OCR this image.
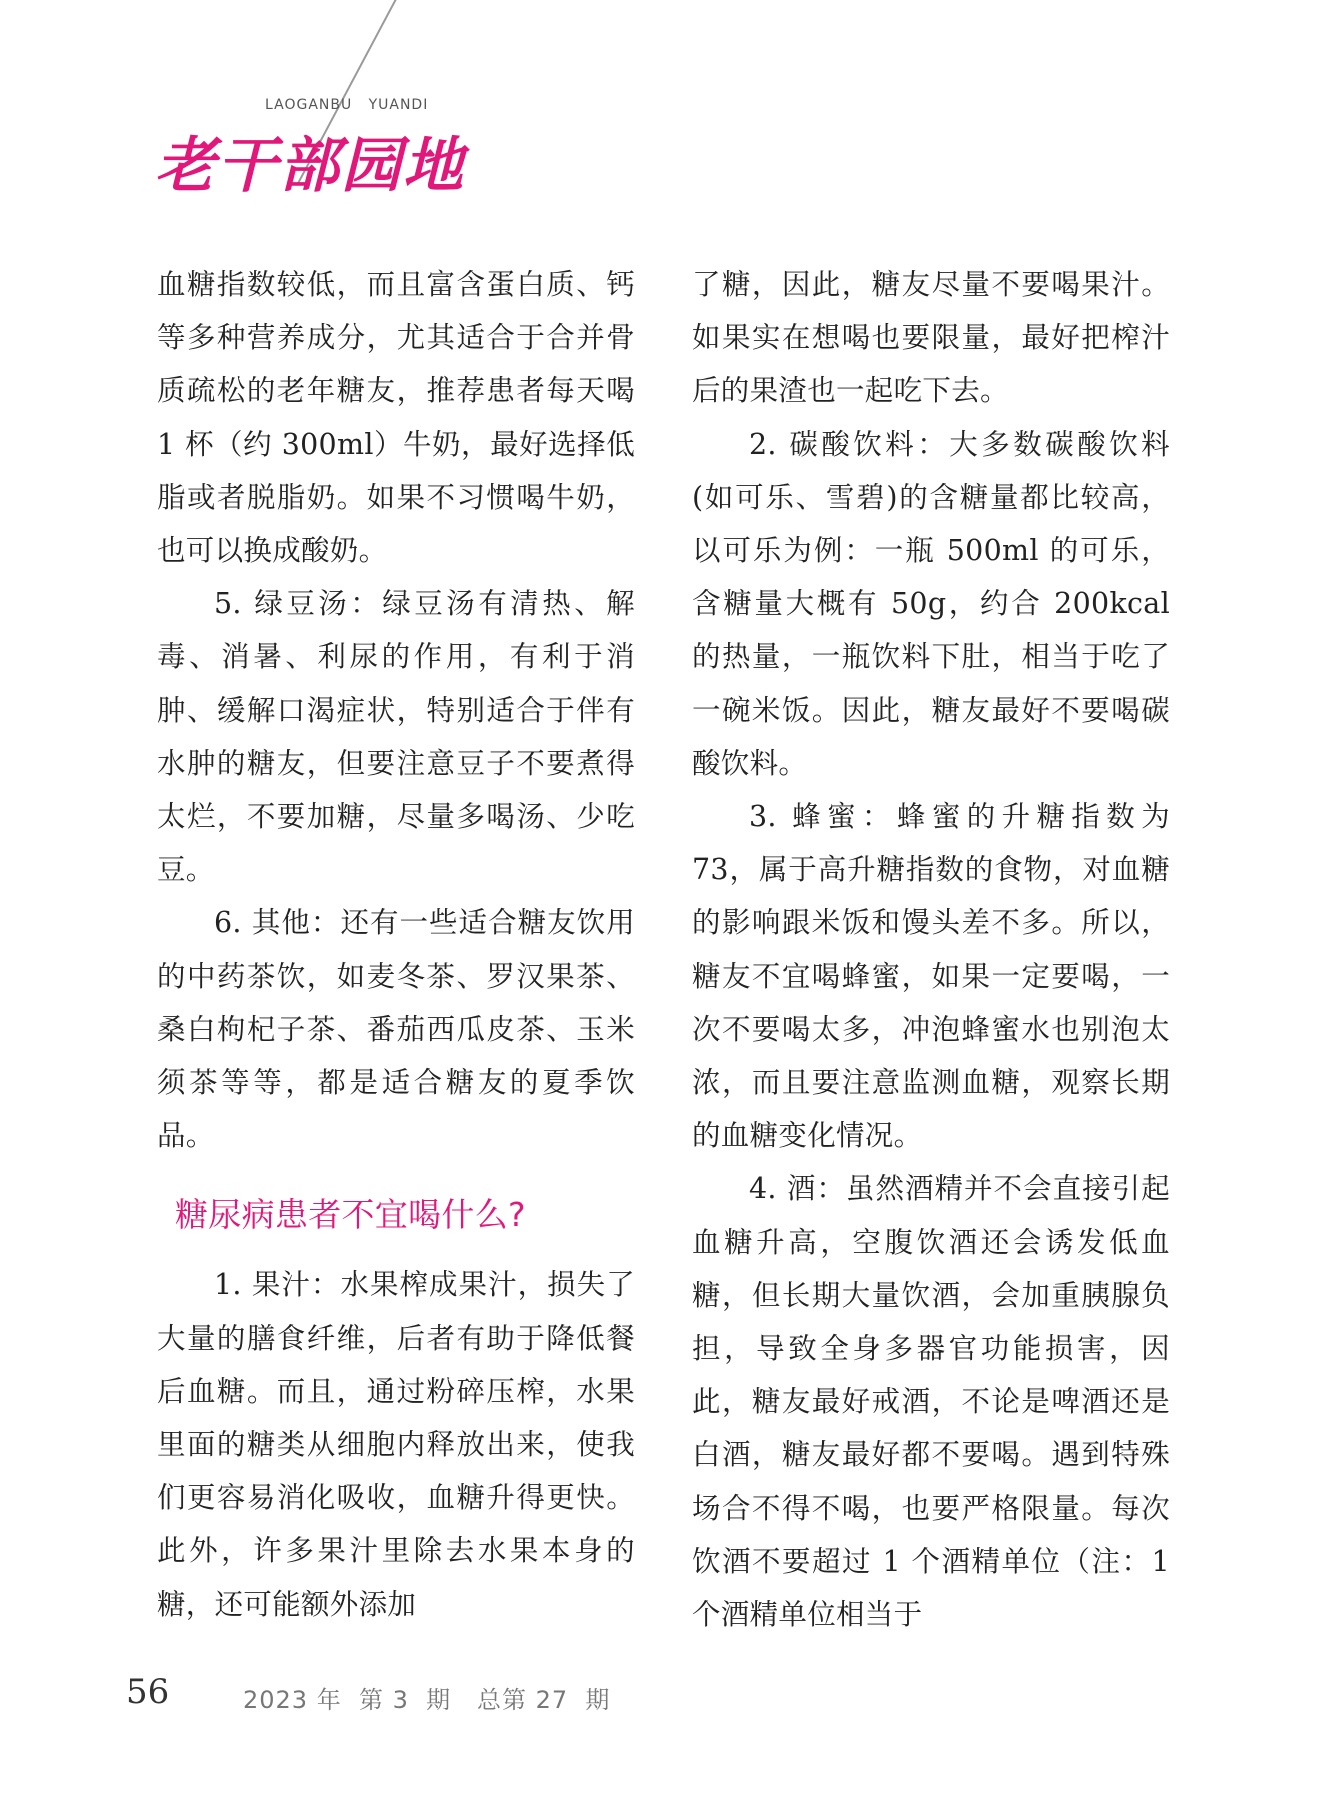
LAOGANBU   YUANDI
老干部园地

血糖指数较低，而且富含蛋白质、钙等多种营养成分，尤其适合于合并骨质疏松的老年糖友，推荐患者每天喝 1 杯（约 300ml）牛奶，最好选择低脂或者脱脂奶。如果不习惯喝牛奶，也可以换成酸奶。

5. 绿豆汤：绿豆汤有清热、解毒、消暑、利尿的作用，有利于消肿、缓解口渴症状，特别适合于伴有水肿的糖友，但要注意豆子不要煮得太烂，不要加糖，尽量多喝汤、少吃豆。

6. 其他：还有一些适合糖友饮用的中药茶饮，如麦冬茶、罗汉果茶、桑白枸杞子茶、番茄西瓜皮茶、玉米须茶等等，都是适合糖友的夏季饮品。

糖尿病患者不宜喝什么?

1. 果汁：水果榨成果汁，损失了大量的膳食纤维，后者有助于降低餐后血糖。而且，通过粉碎压榨，水果里面的糖类从细胞内释放出来，使我们更容易消化吸收，血糖升得更快。此外，许多果汁里除去水果本身的糖，还可能额外添加

了糖，因此，糖友尽量不要喝果汁。如果实在想喝也要限量，最好把榨汁后的果渣也一起吃下去。

2. 碳酸饮料：大多数碳酸饮料(如可乐、雪碧)的含糖量都比较高，以可乐为例：一瓶 500ml 的可乐，含糖量大概有 50g，约合 200kcal 的热量，一瓶饮料下肚，相当于吃了一碗米饭。因此，糖友最好不要喝碳酸饮料。

3. 蜂蜜：蜂蜜的升糖指数为 73，属于高升糖指数的食物，对血糖的影响跟米饭和馒头差不多。所以，糖友不宜喝蜂蜜，如果一定要喝，一次不要喝太多，冲泡蜂蜜水也别泡太浓，而且要注意监测血糖，观察长期的血糖变化情况。

4. 酒：虽然酒精并不会直接引起血糖升高，空腹饮酒还会诱发低血糖，但长期大量饮酒，会加重胰腺负担，导致全身多器官功能损害，因此，糖友最好戒酒，不论是啤酒还是白酒，糖友最好都不要喝。遇到特殊场合不得不喝，也要严格限量。每次饮酒不要超过 1 个酒精单位（注：1 个酒精单位相当于

56	2023 年  第 3  期   总第 27  期
